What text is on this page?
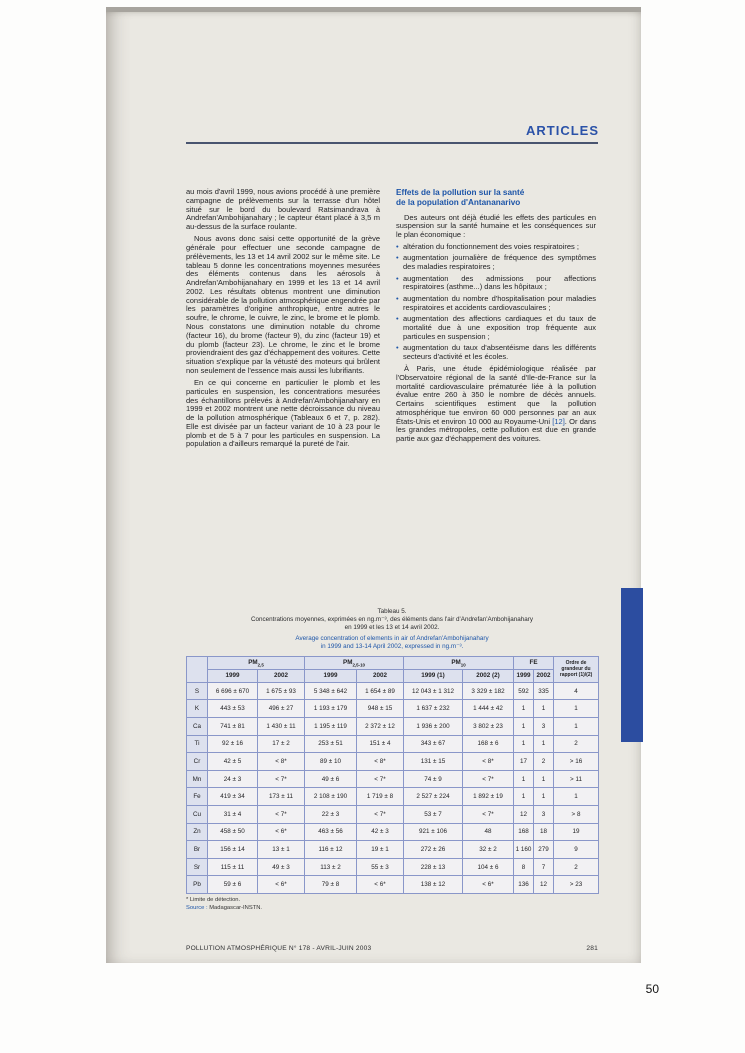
ARTICLES

au mois d'avril 1999, nous avions procédé à une première campagne de prélèvements sur la terrasse d'un hôtel situé sur le bord du boulevard Ratsimandrava à Andrefan'Ambohijanahary ; le capteur étant placé à 3,5 m au-dessus de la surface roulante.

Nous avons donc saisi cette opportunité de la grève générale pour effectuer une seconde campagne de prélèvements, les 13 et 14 avril 2002 sur le même site. Le tableau 5 donne les concentrations moyennes mesurées des éléments contenus dans les aérosols à Andrefan'Ambohijanahary en 1999 et les 13 et 14 avril 2002. Les résultats obtenus montrent une diminution considérable de la pollution atmosphérique engendrée par les paramètres d'origine anthropique, entre autres le soufre, le chrome, le cuivre, le zinc, le brome et le plomb. Nous constatons une diminution notable du chrome (facteur 16), du brome (facteur 9), du zinc (facteur 19) et du plomb (facteur 23). Le chrome, le zinc et le brome proviendraient des gaz d'échappement des voitures. Cette situation s'explique par la vétusté des moteurs qui brûlent non seulement de l'essence mais aussi les lubrifiants.

En ce qui concerne en particulier le plomb et les particules en suspension, les concentrations mesurées des échantillons prélevés à Andrefan'Ambohijanahary en 1999 et 2002 montrent une nette décroissance du niveau de la pollution atmosphérique (Tableaux 6 et 7, p. 282). Elle est divisée par un facteur variant de 10 à 23 pour le plomb et de 5 à 7 pour les particules en suspension. La population a d'ailleurs remarqué la pureté de l'air.

Effets de la pollution sur la santé
de la population d'Antananarivo

Des auteurs ont déjà étudié les effets des particules en suspension sur la santé humaine et les conséquences sur le plan économique :

• altération du fonctionnement des voies respiratoires ;
• augmentation journalière de fréquence des symptômes des maladies respiratoires ;
• augmentation des admissions pour affections respiratoires (asthme...) dans les hôpitaux ;
• augmentation du nombre d'hospitalisation pour maladies respiratoires et accidents cardiovasculaires ;
• augmentation des affections cardiaques et du taux de mortalité due à une exposition trop fréquente aux particules en suspension ;
• augmentation du taux d'absentéisme dans les différents secteurs d'activité et les écoles.

À Paris, une étude épidémiologique réalisée par l'Observatoire régional de la santé d'Ile-de-France sur la mortalité cardiovasculaire prématurée liée à la pollution évalue entre 260 à 350 le nombre de décès annuels. Certains scientifiques estiment que la pollution atmosphérique tue environ 60 000 personnes par an aux États-Unis et environ 10 000 au Royaume-Uni [12]. Or dans les grandes métropoles, cette pollution est due en grande partie aux gaz d'échappement des voitures.

Tableau 5.
Concentrations moyennes, exprimées en ng.m⁻³, des éléments dans l'air d'Andrefan'Ambohijanahary
en 1999 et les 13 et 14 avril 2002.
Average concentration of elements in air of Andrefan'Ambohijanahary
in 1999 and 13-14 April 2002, expressed in ng.m⁻³.
	$PM_{2,5}$		$PM_{2,5-10}$		$PM_{10}$		FE		Ordre de grandeur du rapport (1)/(2)
	1999	2002	1999	2002	1999 (1)	2002 (2)	1999	2002	
S	6 696 ± 670	1 675 ± 93	5 348 ± 642	1 654 ± 89	12 043 ± 1 312	3 329 ± 182	592	335	4
K	443 ± 53	496 ± 27	1 193 ± 179	948 ± 15	1 637 ± 232	1 444 ± 42	1	1	1
Ca	741 ± 81	1 430 ± 11	1 195 ± 119	2 372 ± 12	1 936 ± 200	3 802 ± 23	1	3	1
Ti	92 ± 16	17 ± 2	253 ± 51	151 ± 4	343 ± 67	168 ± 6	1	1	2
Cr	42 ± 5	< 8*	89 ± 10	< 8*	131 ± 15	< 8*	17	2	> 16
Mn	24 ± 3	< 7*	49 ± 6	< 7*	74 ± 9	< 7*	1	1	> 11
Fe	419 ± 34	173 ± 11	2 108 ± 190	1 719 ± 8	2 527 ± 224	1 892 ± 19	1	1	1
Cu	31 ± 4	< 7*	22 ± 3	< 7*	53 ± 7	< 7*	12	3	> 8
Zn	458 ± 50	< 6*	463 ± 56	42 ± 3	921 ± 106	48	168	18	19
Br	156 ± 14	13 ± 1	116 ± 12	19 ± 1	272 ± 26	32 ± 2	1 160	279	9
Sr	115 ± 11	49 ± 3	113 ± 2	55 ± 3	228 ± 13	104 ± 6	8	7	2
Pb	59 ± 6	< 6*	79 ± 8	< 6*	138 ± 12	< 6*	136	12	> 23
* Limite de détection.
Source : Madagascar-INSTN.
POLLUTION ATMOSPHÉRIQUE N° 178 - AVRIL-JUIN 2003	281
50
